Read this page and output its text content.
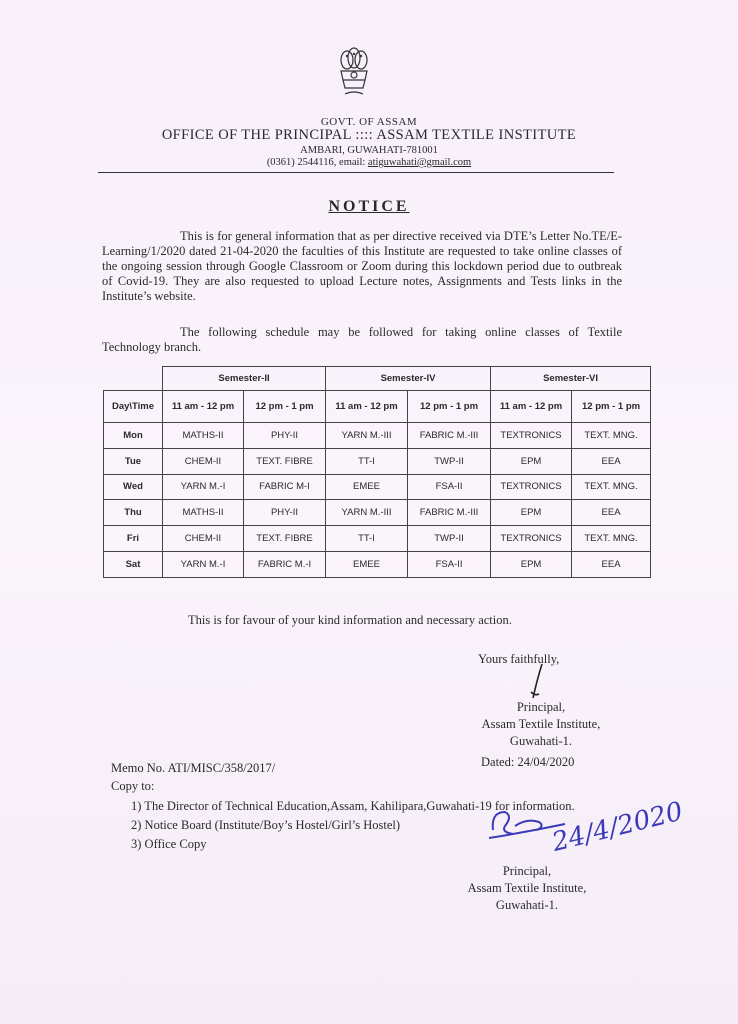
GOVT. OF ASSAM
OFFICE OF THE PRINCIPAL :::: ASSAM TEXTILE INSTITUTE
AMBARI, GUWAHATI-781001
(0361) 2544116, email: atiguwahati@gmail.com
NOTICE

This is for general information that as per directive received via DTE’s Letter No.TE/E-Learning/1/2020 dated 21-04-2020 the faculties of this Institute are requested to take online classes of the ongoing session through Google Classroom or Zoom during this lockdown period due to outbreak of Covid-19. They are also requested to upload Lecture notes, Assignments and Tests links in the Institute’s website.

The following schedule may be followed for taking online classes of Textile Technology branch.

	Semester-II		Semester-IV		Semester-VI	
Day\Time	11 am - 12 pm	12 pm - 1 pm	11 am - 12 pm	12 pm - 1 pm	11 am - 12 pm	12 pm - 1 pm
Mon	MATHS-II	PHY-II	YARN M.-III	FABRIC M.-III	TEXTRONICS	TEXT. MNG.
Tue	CHEM-II	TEXT. FIBRE	TT-I	TWP-II	EPM	EEA
Wed	YARN M.-I	FABRIC M-I	EMEE	FSA-II	TEXTRONICS	TEXT. MNG.
Thu	MATHS-II	PHY-II	YARN M.-III	FABRIC M.-III	EPM	EEA
Fri	CHEM-II	TEXT. FIBRE	TT-I	TWP-II	TEXTRONICS	TEXT. MNG.
Sat	YARN M.-I	FABRIC M.-I	EMEE	FSA-II	EPM	EEA
This is for favour of your kind information and necessary action.
Yours faithfully,
Principal,
Assam Textile Institute,
Guwahati-1.
Memo No. ATI/MISC/358/2017/	Dated: 24/04/2020
Copy to:
1) The Director of Technical Education,Assam, Kahilipara,Guwahati-19 for information.
2) Notice Board (Institute/Boy’s Hostel/Girl’s Hostel)
3) Office Copy	24/4/2020
Principal,
Assam Textile Institute,
Guwahati-1.
